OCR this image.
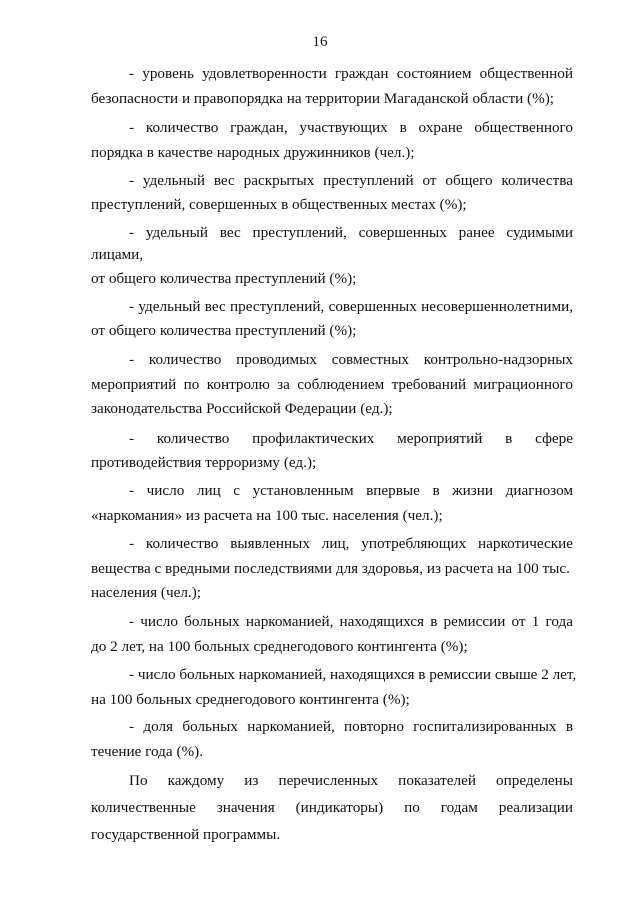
16
- уровень удовлетворенности граждан состоянием общественной
безопасности и правопорядка на территории Магаданской области (%);
- количество граждан, участвующих в охране общественного
порядка в качестве народных дружинников (чел.);
- удельный вес раскрытых преступлений от общего количества
преступлений, совершенных в общественных местах (%);
- удельный вес преступлений, совершенных ранее судимыми
лицами,
от общего количества преступлений (%);
- удельный вес преступлений, совершенных несовершеннолетними,
от общего количества преступлений (%);
- количество проводимых совместных контрольно-надзорных
мероприятий по контролю за соблюдением требований миграционного
законодательства Российской Федерации (ед.);
- количество профилактических мероприятий в сфере
противодействия терроризму (ед.);
- число лиц с установленным впервые в жизни диагнозом
«наркомания» из расчета на 100 тыс. населения (чел.);
- количество выявленных лиц, употребляющих наркотические
вещества с вредными последствиями для здоровья, из расчета на 100 тыс.
населения (чел.);
- число больных наркоманией, находящихся в ремиссии от 1 года
до 2 лет, на 100 больных среднегодового контингента (%);
- число больных наркоманией, находящихся в ремиссии свыше 2 лет,
на 100 больных среднегодового контингента (%);
- доля больных наркоманией, повторно госпитализированных в
течение года (%).
По каждому из перечисленных показателей определены
количественные значения (индикаторы) по годам реализации
государственной программы.
